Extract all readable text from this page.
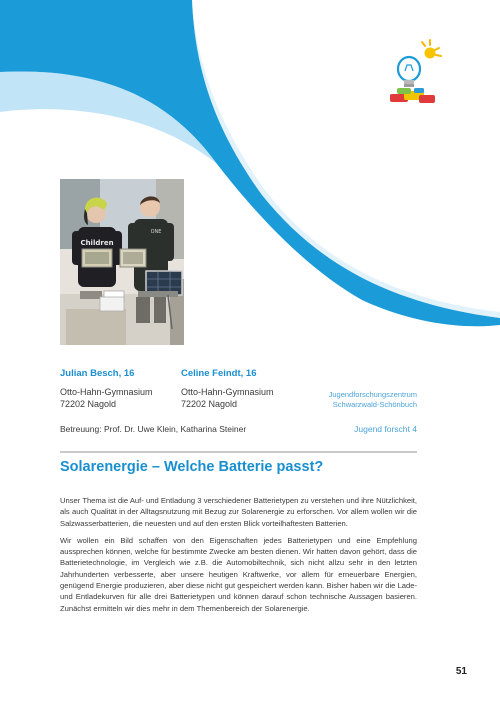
Children
ONE
Julian Besch, 16
Otto-Hahn-Gymnasium
72202 Nagold
Celine Feindt, 16
Otto-Hahn-Gymnasium
72202 Nagold
Jugendforschungszentrum
Schwarzwald-Schönbuch
Betreuung: Prof. Dr. Uwe Klein, Katharina Steiner	Jugend forscht 4
Solarenergie – Welche Batterie passt?

Unser Thema ist die Auf- und Entladung 3 verschiedener Batterietypen zu verstehen und ihre Nützlichkeit, als auch Qualität in der Alltagsnutzung mit Bezug zur Solarenergie zu erforschen. Vor allem wollen wir die Salzwasserbatterien, die neuesten und auf den ersten Blick vorteilhaftesten Batterien.

Wir wollen ein Bild schaffen von den Eigenschaften jedes Batterietypen und eine Empfehlung aussprechen können, welche für bestimmte Zwecke am besten dienen. Wir hatten davon gehört, dass die Batterietechnologie, im Vergleich wie z.B. die Automobiltechnik, sich nicht allzu sehr in den letzten Jahrhunderten verbesserte, aber unsere heutigen Kraftwerke, vor allem für erneuerbare Energien, genügend Energie produzieren, aber diese nicht gut gespeichert werden kann. Bisher haben wir die Lade- und Entladekurven für alle drei Batterietypen und können darauf schon technische Aussagen basieren. Zunächst ermitteln wir dies mehr in dem Themenbereich der Solarenergie.

51
